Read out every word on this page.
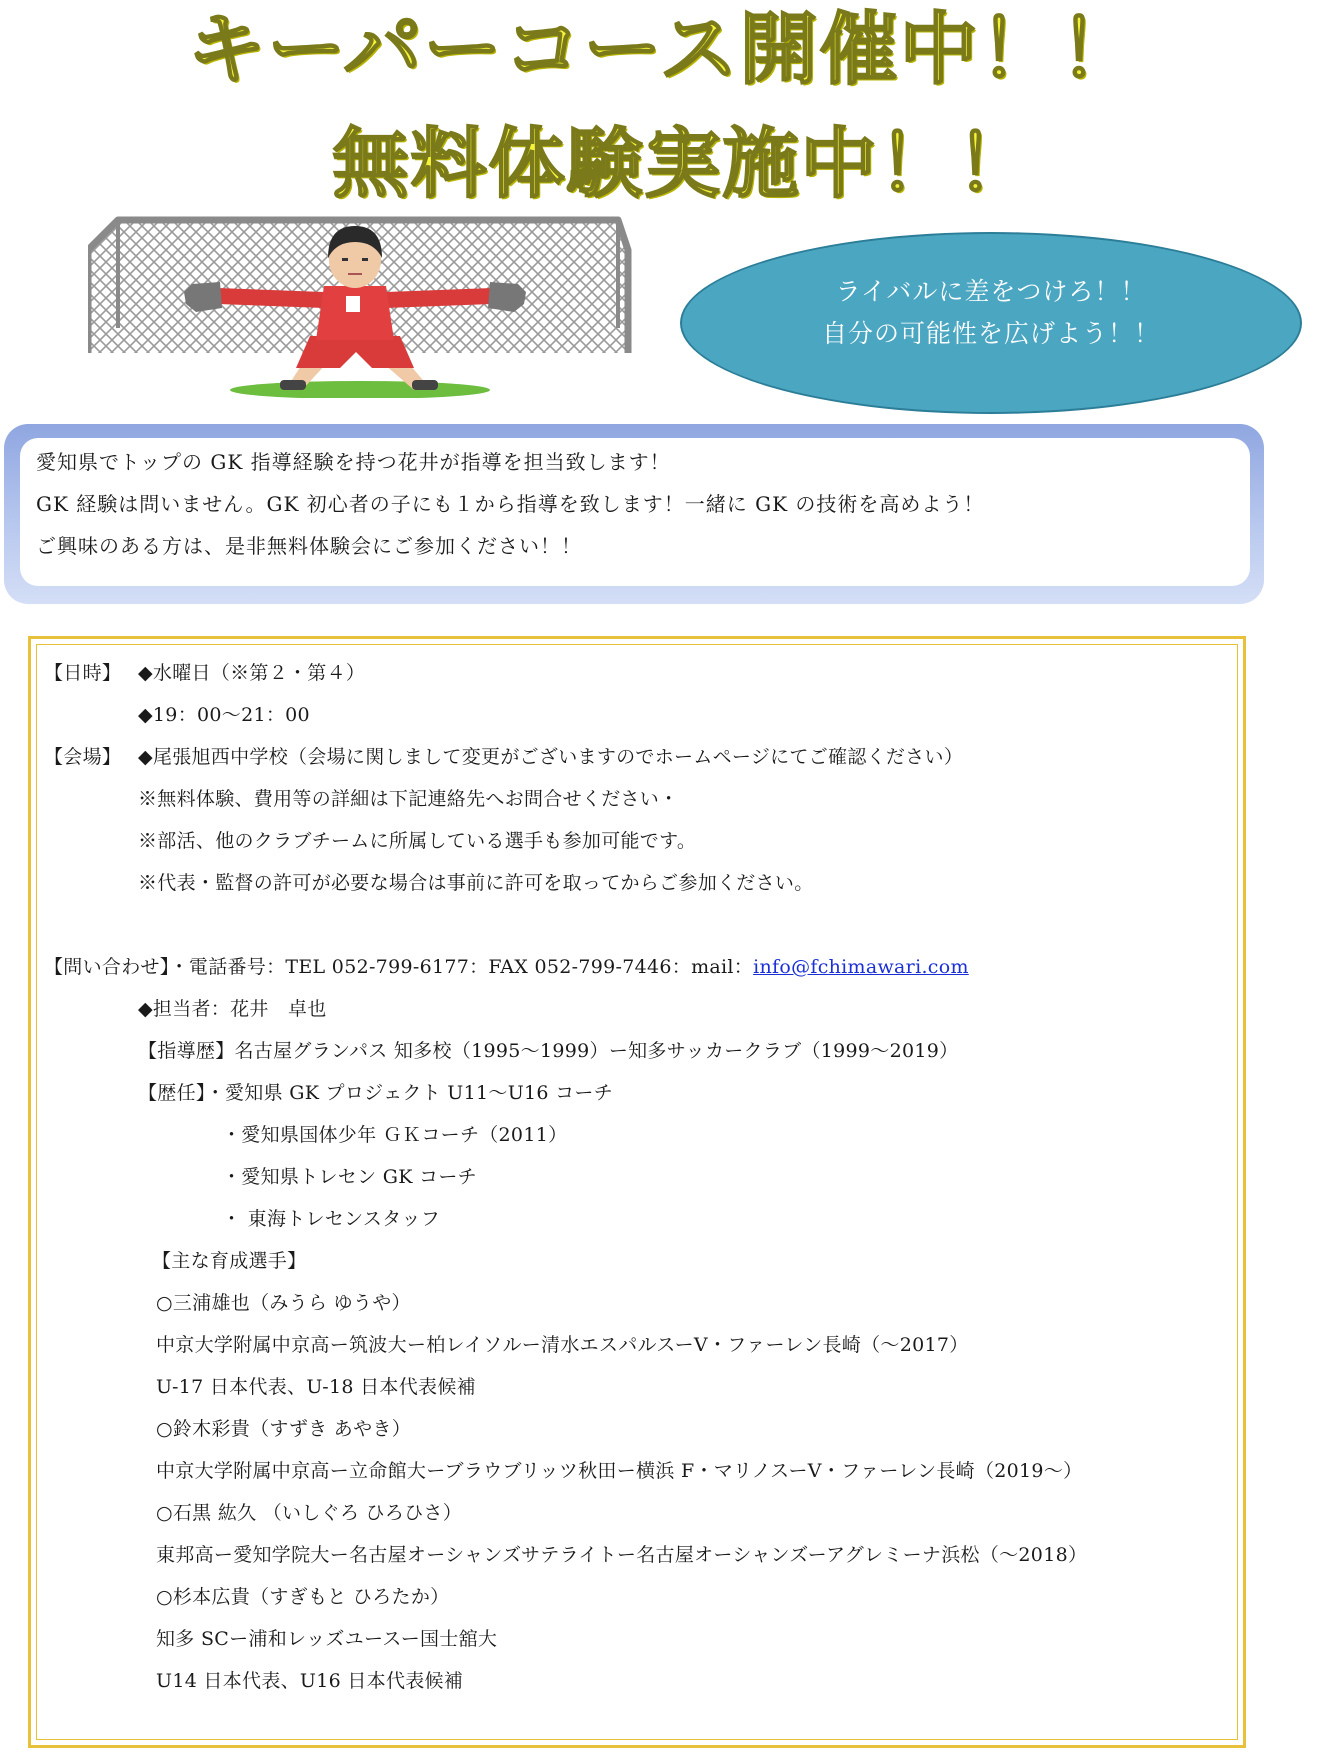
キーパーコース開催中！！
無料体験実施中！！
ライバルに差をつけろ！！
自分の可能性を広げよう！！
愛知県でトップの GK 指導経験を持つ花井が指導を担当致します！
GK 経験は問いません。GK 初心者の子にも１から指導を致します！一緒に GK の技術を高めよう！
ご興味のある方は、是非無料体験会にご参加ください！！
【日時】 ◆水曜日（※第２・第４）
◆19：00〜21：00
【会場】 ◆尾張旭西中学校（会場に関しまして変更がございますのでホームページにてご確認ください）
※無料体験、費用等の詳細は下記連絡先へお問合せください・
※部活、他のクラブチームに所属している選手も参加可能です。
※代表・監督の許可が必要な場合は事前に許可を取ってからご参加ください。
【問い合わせ】・電話番号：TEL 052-799-6177：FAX 052-799-7446：mail：info@fchimawari.com
◆担当者：花井　卓也
【指導歴】名古屋グランパス 知多校（1995〜1999）ー知多サッカークラブ（1999〜2019）
【歴任】・愛知県 GK プロジェクト U11〜U16 コーチ
・愛知県国体少年 ＧＫコーチ（2011）
・愛知県トレセン GK コーチ
・ 東海トレセンスタッフ
【主な育成選手】
○三浦雄也（みうら ゆうや）
中京大学附属中京高ー筑波大ー柏レイソルー清水エスパルスーV・ファーレン長崎（〜2017）
U-17 日本代表、U-18 日本代表候補
○鈴木彩貴（すずき あやき）
中京大学附属中京高ー立命館大ーブラウブリッツ秋田ー横浜 F・マリノスーV・ファーレン長崎（2019〜）
○石黒 紘久 （いしぐろ ひろひさ）
東邦高ー愛知学院大ー名古屋オーシャンズサテライトー名古屋オーシャンズーアグレミーナ浜松（〜2018）
○杉本広貴（すぎもと ひろたか）
知多 SCー浦和レッズユースー国士舘大
U14 日本代表、U16 日本代表候補
